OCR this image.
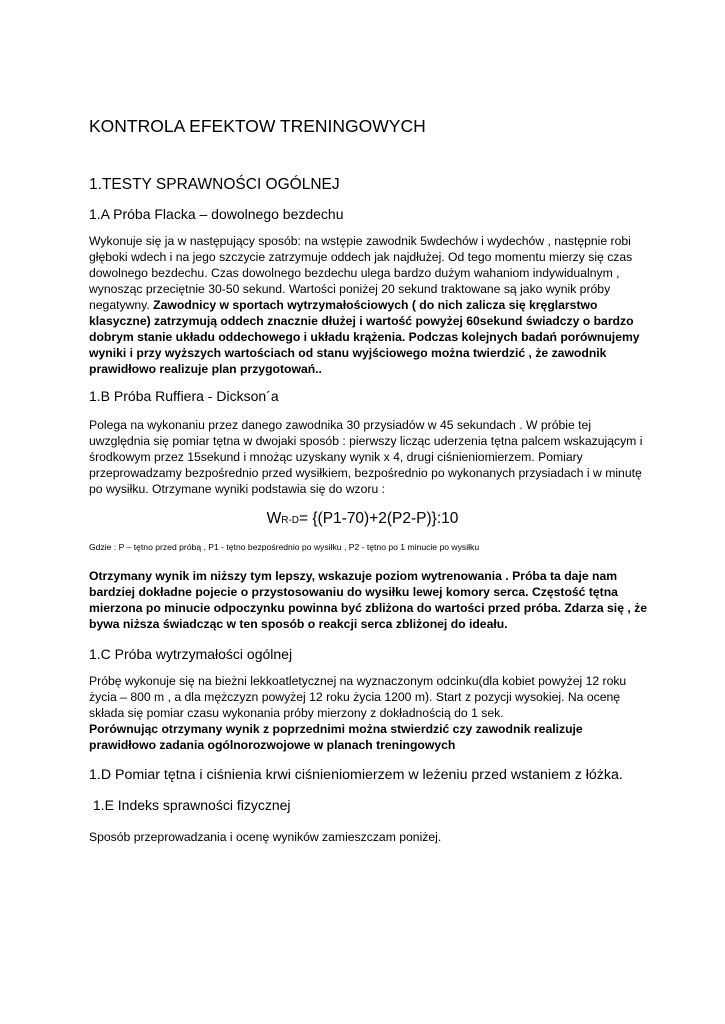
KONTROLA EFEKTOW TRENINGOWYCH
1.TESTY SPRAWNOŚCI OGÓLNEJ
1.A Próba Flacka – dowolnego bezdechu

Wykonuje się ja w następujący sposób: na wstępie zawodnik 5wdechów i wydechów , następnie robi głęboki wdech i na jego szczycie zatrzymuje oddech jak najdłużej. Od tego momentu mierzy się czas dowolnego bezdechu. Czas dowolnego bezdechu ulega bardzo dużym wahaniom indywidualnym , wynosząc przeciętnie 30-50 sekund. Wartości poniżej 20 sekund traktowane są jako wynik próby negatywny. Zawodnicy w sportach wytrzymałościowych ( do nich zalicza się kręglarstwo klasyczne) zatrzymują oddech znacznie dłużej i wartość powyżej 60sekund świadczy o bardzo dobrym stanie układu oddechowego i układu krążenia. Podczas kolejnych badań porównujemy wyniki i przy wyższych wartościach od stanu wyjściowego można twierdzić , że zawodnik prawidłowo realizuje plan przygotowań..

1.B Próba Ruffiera - Dickson´a

Polega na wykonaniu przez danego zawodnika 30 przysiadów w 45 sekundach . W próbie tej uwzględnia się pomiar tętna w dwojaki sposób : pierwszy licząc uderzenia tętna palcem wskazującym i środkowym przez 15sekund i mnożąc uzyskany wynik x 4, drugi ciśnieniomierzem. Pomiary przeprowadzamy bezpośrednio przed wysiłkiem, bezpośrednio po wykonanych przysiadach i w minutę po wysiłku. Otrzymane wyniki podstawia się do wzoru :

WR-D= {(P1-70)+2(P2-P)}:10
Gdzie : P – tętno przed próbą , P1 - tętno bezpośrednio po wysiłku , P2 - tętno po 1 minucie po wysiłku

Otrzymany wynik im niższy tym lepszy, wskazuje poziom wytrenowania . Próba ta daje nam bardziej dokładne pojecie o przystosowaniu do wysiłku lewej komory serca. Częstość tętna mierzona po minucie odpoczynku powinna być zbliżona do wartości przed próba. Zdarza się , że bywa niższa świadcząc w ten sposób o reakcji serca zbliżonej do ideału.

1.C Próba wytrzymałości ogólnej

Próbę wykonuje się na bieżni lekkoatletycznej na wyznaczonym odcinku(dla kobiet powyżej 12 roku życia – 800 m , a dla mężczyzn powyżej 12 roku życia 1200 m). Start z pozycji wysokiej. Na ocenę składa się pomiar czasu wykonania próby mierzony z dokładnością do 1 sek.
Porównując otrzymany wynik z poprzednimi można stwierdzić czy zawodnik realizuje prawidłowo zadania ogólnorozwojowe w planach treningowych

1.D Pomiar tętna i ciśnienia krwi ciśnieniomierzem w leżeniu przed wstaniem z łóżka.
1.E Indeks sprawności fizycznej

Sposób przeprowadzania i ocenę wyników zamieszczam poniżej.
